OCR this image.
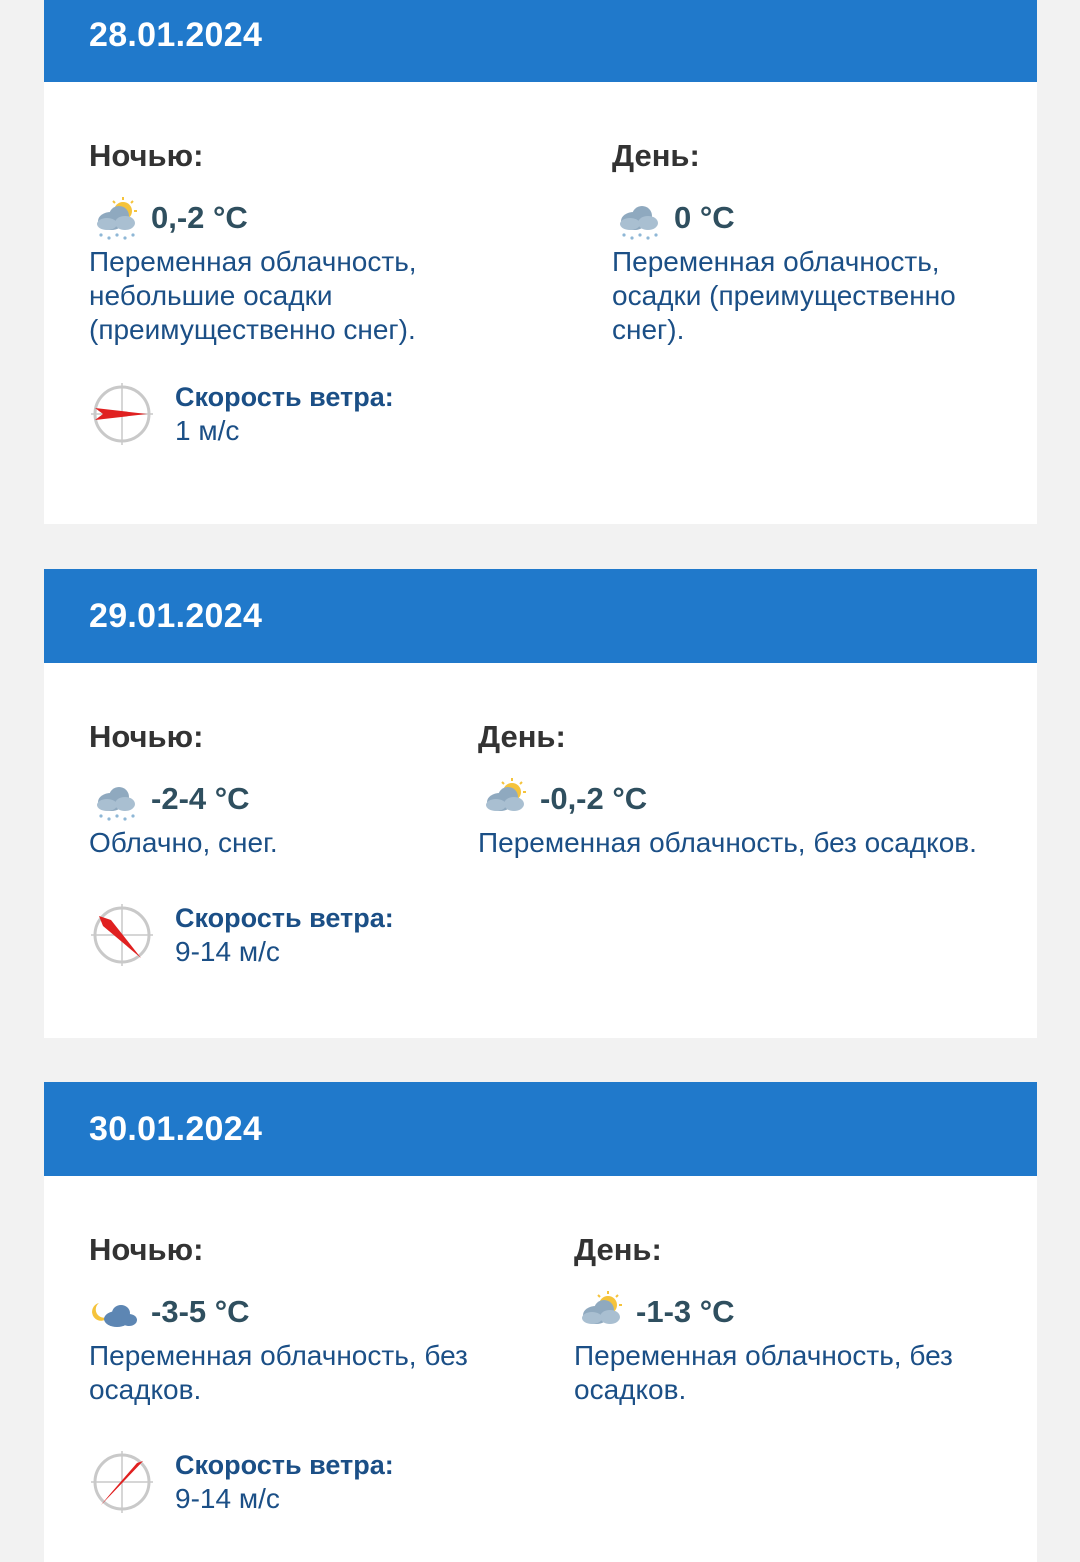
28.01.2024
Ночью:
0,-2 °C
Переменная облачность, небольшие осадки (преимущественно снег).
День:
0 °C
Переменная облачность, осадки (преимущественно снег).
Скорость ветра:
1 м/с
29.01.2024
Ночью:
-2-4 °C
Облачно, снег.
День:
-0,-2 °C
Переменная облачность, без осадков.
Скорость ветра:
9-14 м/с
30.01.2024
Ночью:
-3-5 °C
Переменная облачность, без осадков.
День:
-1-3 °C
Переменная облачность, без осадков.
Скорость ветра:
9-14 м/с
